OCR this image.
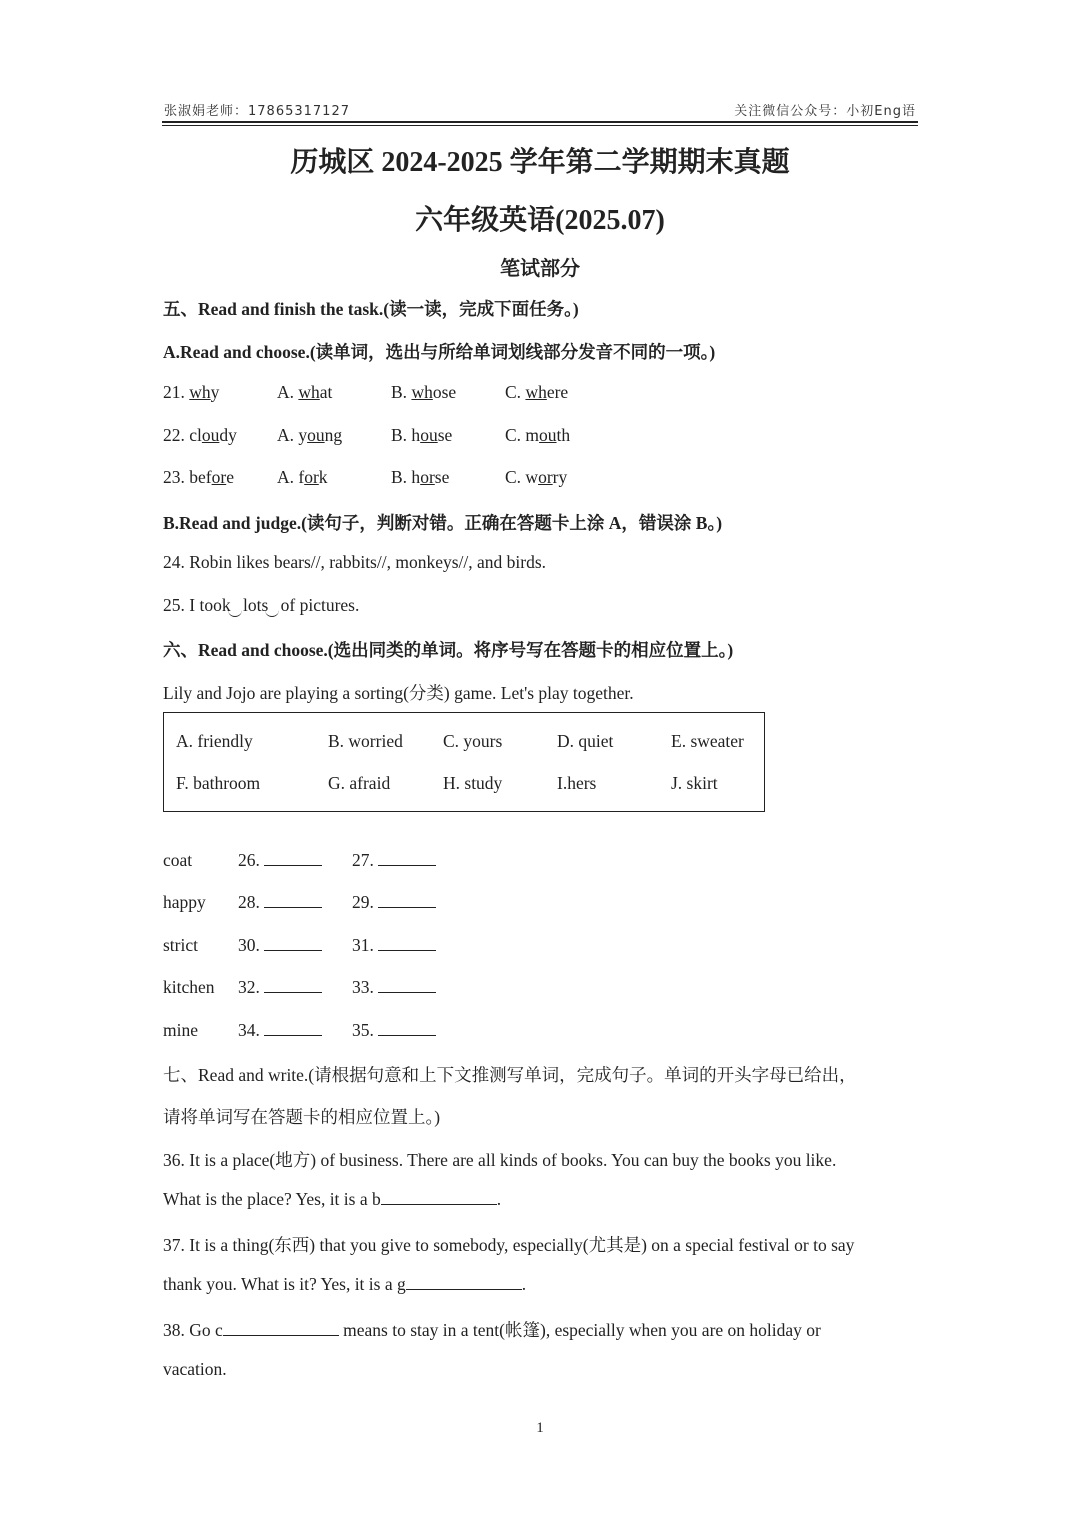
张淑娟老师：17865317127	关注微信公众号：小初Eng语
历城区 2024-2025 学年第二学期期末真题
六年级英语(2025.07)
笔试部分
五、Read and finish the task.(读一读，完成下面任务。)
A.Read and choose.(读单词，选出与所给单词划线部分发音不同的一项。)
21. why	A. what	B. whose	C. where
22. cloudy A. young	B. house	C. mouth
23. before A. fork	B. horse	C. worry
B.Read and judge.(读句子，判断对错。正确在答题卡上涂 A，错误涂 B。)
24. Robin likes bears//, rabbits//, monkeys//, and birds.
25. I took lots of pictures.
六、Read and choose.(选出同类的单词。将序号写在答题卡的相应位置上。)
Lily and Jojo are playing a sorting(分类) game. Let's play together.
A. friendly	B. worried C. yours	D. quiet	E. sweater
F. bathroom	G. afraid	H. study	I.hers	J. skirt
coat	26.	27.
happy 28.	29.
strict 30.	31.
kitchen 32.	33.
mine 34.	35.
七、Read and write.(请根据句意和上下文推测写单词，完成句子。单词的开头字母已给出，
请将单词写在答题卡的相应位置上。)
36. It is a place(地方) of business. There are all kinds of books. You can buy the books you like.
What is the place? Yes, it is a b	.
37. It is a thing(东西) that you give to somebody, especially(尤其是) on a special festival or to say
thank you. What is it? Yes, it is a g	.
38. Go c	means to stay in a tent(帐篷), especially when you are on holiday or
vacation.
1
